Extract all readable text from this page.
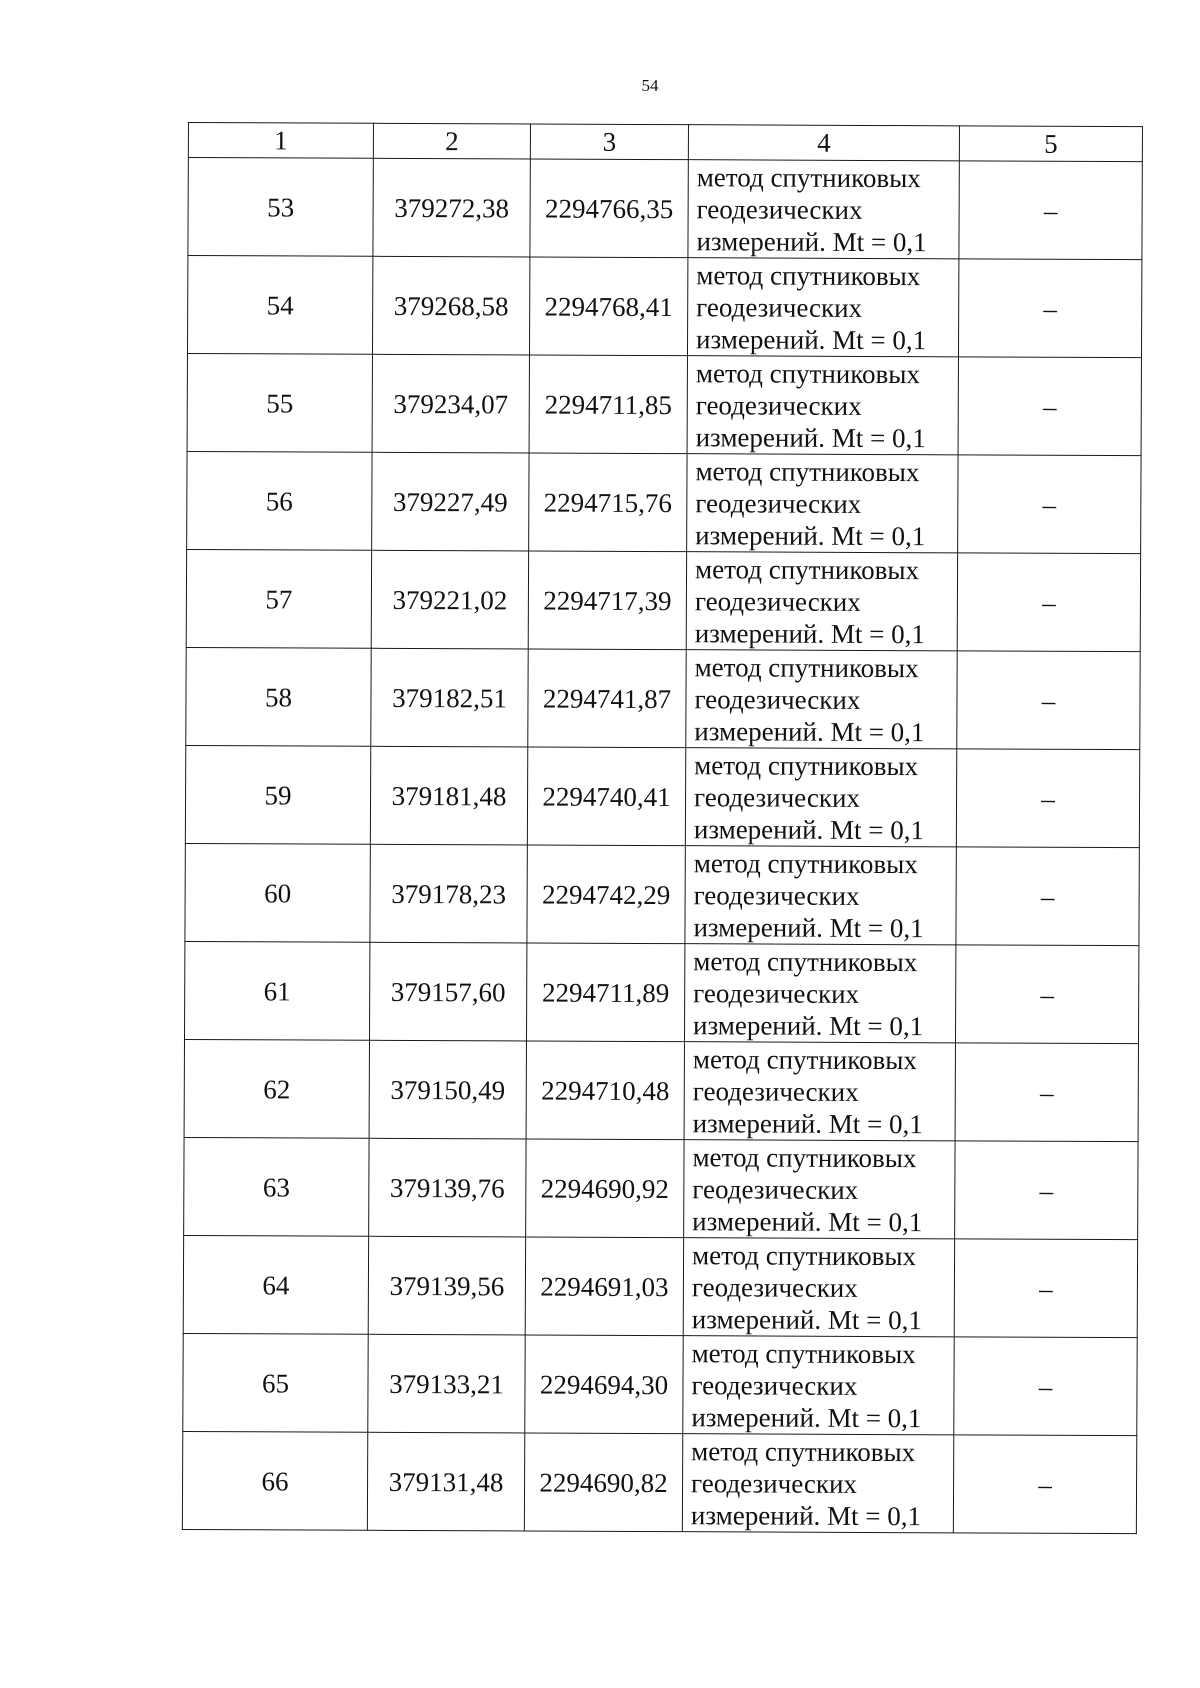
54
1	2	3	4	5
53	379272,38	2294766,35	метод спутниковых
геодезических
измерений. Mt = 0,1	–
54	379268,58	2294768,41	метод спутниковых
геодезических
измерений. Mt = 0,1	–
55	379234,07	2294711,85	метод спутниковых
геодезических
измерений. Mt = 0,1	–
56	379227,49	2294715,76	метод спутниковых
геодезических
измерений. Mt = 0,1	–
57	379221,02	2294717,39	метод спутниковых
геодезических
измерений. Mt = 0,1	–
58	379182,51	2294741,87	метод спутниковых
геодезических
измерений. Mt = 0,1	–
59	379181,48	2294740,41	метод спутниковых
геодезических
измерений. Mt = 0,1	–
60	379178,23	2294742,29	метод спутниковых
геодезических
измерений. Mt = 0,1	–
61	379157,60	2294711,89	метод спутниковых
геодезических
измерений. Mt = 0,1	–
62	379150,49	2294710,48	метод спутниковых
геодезических
измерений. Mt = 0,1	–
63	379139,76	2294690,92	метод спутниковых
геодезических
измерений. Mt = 0,1	–
64	379139,56	2294691,03	метод спутниковых
геодезических
измерений. Mt = 0,1	–
65	379133,21	2294694,30	метод спутниковых
геодезических
измерений. Mt = 0,1	–
66	379131,48	2294690,82	метод спутниковых
геодезических
измерений. Mt = 0,1	–
